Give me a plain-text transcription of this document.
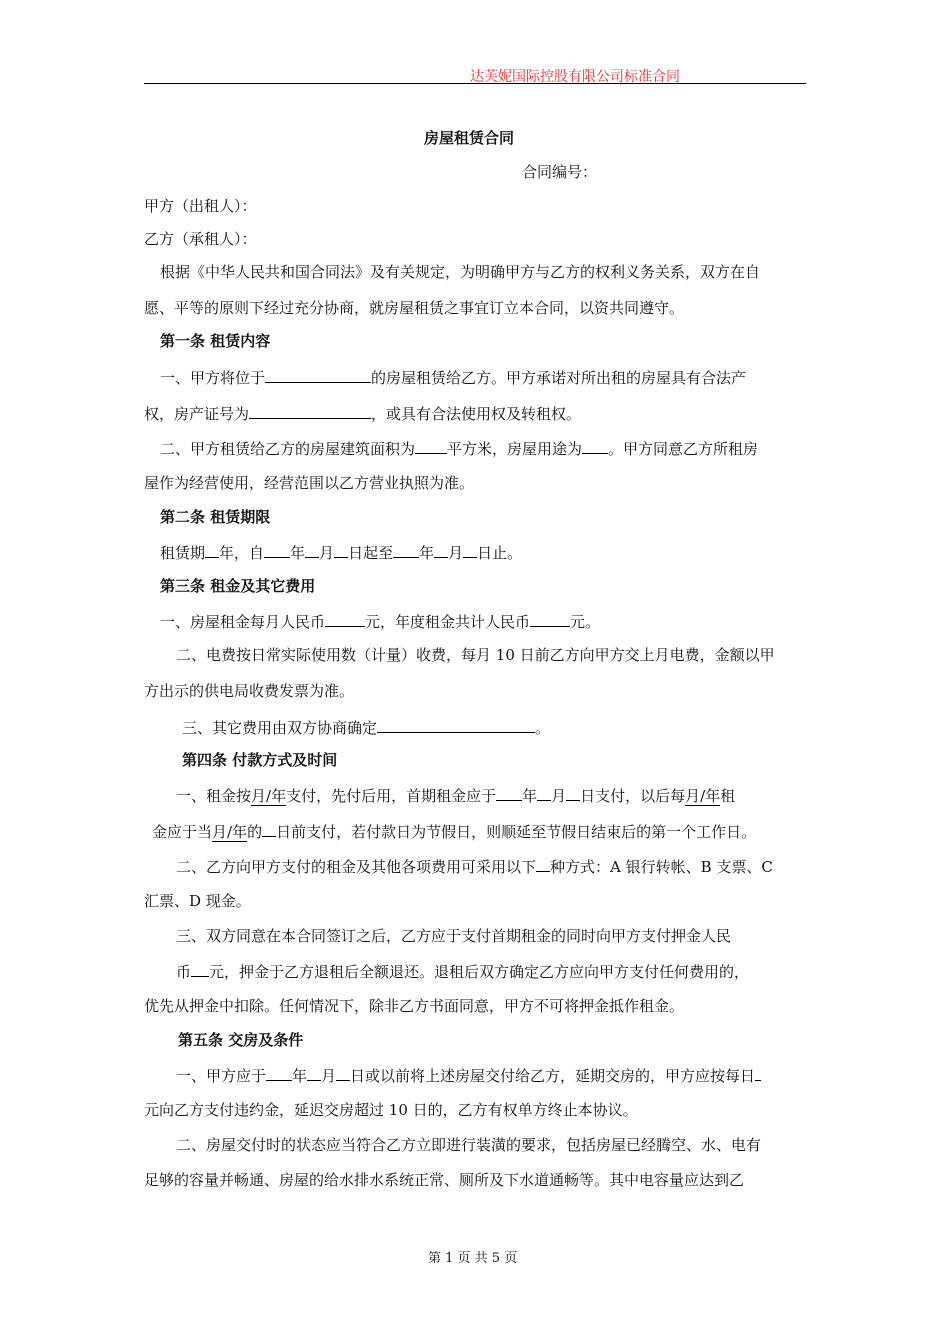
达芙妮国际控股有限公司标准合同
房屋租赁合同
合同编号：
甲方（出租人）：
乙方（承租人）：
根据《中华人民共和国合同法》及有关规定，为明确甲方与乙方的权利义务关系，双方在自
愿、平等的原则下经过充分协商，就房屋租赁之事宜订立本合同，以资共同遵守。
第一条 租赁内容
一、甲方将位于	的房屋租赁给乙方。甲方承诺对所出租的房屋具有合法产
权，房产证号为	，或具有合法使用权及转租权。
二、甲方租赁给乙方的房屋建筑面积为 平方米，房屋用途为 。甲方同意乙方所租房
屋作为经营使用，经营范围以乙方营业执照为准。
第二条 租赁期限
租赁期 年，自 年 月 日起至 年 月 日止。
第三条 租金及其它费用
一、房屋租金每月人民币	元，年度租金共计人民币	元。
二、电费按日常实际使用数（计量）收费，每月 10 日前乙方向甲方交上月电费，金额以甲
方出示的供电局收费发票为准。
三、其它费用由双方协商确定	。
第四条 付款方式及时间
一、租金按月/年支付，先付后用，首期租金应于 年 月 日支付，以后每月/年租
金应于当月/年的 日前支付，若付款日为节假日，则顺延至节假日结束后的第一个工作日。
二、乙方向甲方支付的租金及其他各项费用可采用以下 种方式：A 银行转帐、B 支票、C
汇票、D 现金。
三、双方同意在本合同签订之后，乙方应于支付首期租金的同时向甲方支付押金人民
币 元，押金于乙方退租后全额退还。退租后双方确定乙方应向甲方支付任何费用的，
优先从押金中扣除。任何情况下，除非乙方书面同意，甲方不可将押金抵作租金。
第五条 交房及条件
一、甲方应于 年 月 日或以前将上述房屋交付给乙方，延期交房的，甲方应按每日
元向乙方支付违约金，延迟交房超过 10 日的，乙方有权单方终止本协议。
二、房屋交付时的状态应当符合乙方立即进行装潢的要求，包括房屋已经腾空、水、电有
足够的容量并畅通、房屋的给水排水系统正常、厕所及下水道通畅等。其中电容量应达到乙
第 1 页 共 5 页
